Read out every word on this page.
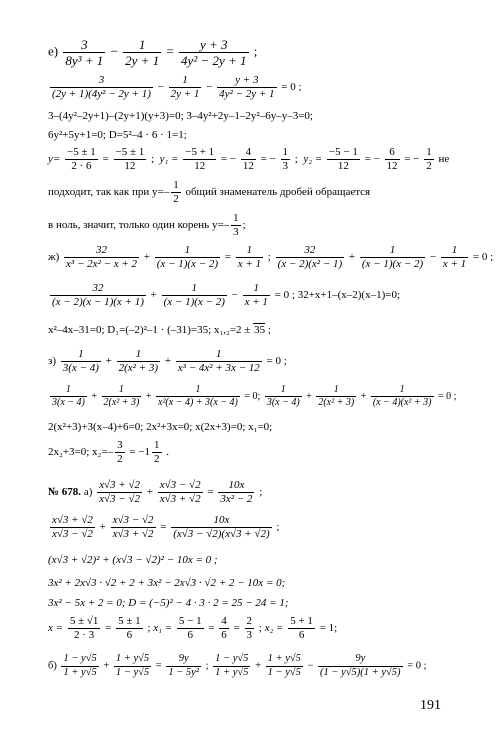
$е) \frac{3}{\text{8y³ + 1}} - \frac{1}{2y + 1} = \frac{y + 3}{\text{4y² − 2y + 1}}$ ;
$\frac{3}{\text{(2y + 1)(4y² − 2y + 1)}} - \frac{1}{2y + 1} - \frac{y + 3}{\text{4y² − 2y + 1}} = 0$ ;
3–(4y²–2y+1)–(2y+1)(y+3)=0; 3–4y²+2y–1–2y²–6y–y–3=0;
6y²+5y+1=0; D=5²–4 · 6 · 1=1;
$y= \frac{-5 \pm 1}{2 \cdot 6} = \frac{-5 \pm 1}{12}$ ; $y_1 = \frac{-5 + 1}{12}$ = − $\frac{4}{12}$ = − $\frac{1}{3}$ ; $y_2 = \frac{-5 - 1}{12}$ = − $\frac{6}{12}$ = − $\frac{1}{2}$ не
подходит, так как при $y=- \frac{1}{2}$ общий знаменатель дробей обращается
в ноль, значит, только один корень $y=- \frac{1}{3}$ ;
$ж) \frac{32}{\text{x³ − 2x² − x + 2}} + \frac{1}{(x - 1)(x - 2)} = \frac{1}{x + 1}$ ; $\frac{32}{\text{(x − 2)(x² − 1)}} + \frac{1}{(x - 1)(x - 2)} - \frac{1}{x + 1} = 0$ ;
$\frac{32}{(x - 2)(x - 1)(x + 1)} + \frac{1}{(x - 1)(x - 2)} - \frac{1}{x + 1} = 0$ ; 32+x+1–(x–2)(x–1)=0;
x²–4x–31=0; D₁=(–2)²–1 · (–31)=35; x₁,₂=2 ± 35 ;
$з) \frac{1}{3(x - 4)} + \frac{1}{\text{2(x² + 3)}} + \frac{1}{\text{x³ − 4x² + 3x − 12}} = 0$ ;
$\frac{1}{3(x - 4)} + \frac{1}{\text{2(x² + 3)}} + \frac{1}{\text{x²(x − 4) + 3(x − 4)}} = 0$; $\frac{1}{3(x - 4)} + \frac{1}{\text{2(x² + 3)}} + \frac{1}{\text{(x − 4)(x² + 3)}} = 0$ ;
2(x²+3)+3(x–4)+6=0; 2x²+3x=0; x(2x+3)=0; x₁=0;
2x₂+3=0; $x_2=- \frac{3}{2} = -1 \frac{1}{2}$ .
№ 678. $а) \frac{x√3 + √2}{x√3 - √2} + \frac{x√3 - √2}{x√3 + √2} = \frac{10x}{\text{3x² − 2}}$ ;
$\frac{x√3 + √2}{x√3 - √2} + \frac{x√3 - √2}{x√3 + √2} = \frac{10x}{(x√3 - √2)(x√3 + √2)}$ ;
(x√3 + √2)² + (x√3 − √2)² − 10x = 0 ;
3x² + 2x√3 · √2 + 2 + 3x² − 2x√3 · √2 + 2 − 10x = 0;
3x² − 5x + 2 = 0; D = (−5)² − 4 · 3 · 2 = 25 − 24 = 1;
$x = \frac{5 \pm √1}{2 \cdot 3} = \frac{5 \pm 1}{6}$ ; $x_1 = \frac{5 - 1}{6} = \frac{4}{6} = \frac{2}{3}$ ; $x_2 = \frac{5 + 1}{6} = 1$;
$б) \frac{1 - y√5}{1 + y√5} + \frac{1 + y√5}{1 - y√5} = \frac{9y}{\text{1 − 5y²}}$ ; $\frac{1 - y√5}{1 + y√5} + \frac{1 + y√5}{1 - y√5} - \frac{9y}{(1 - y√5)(1 + y√5)} = 0$ ;
191
